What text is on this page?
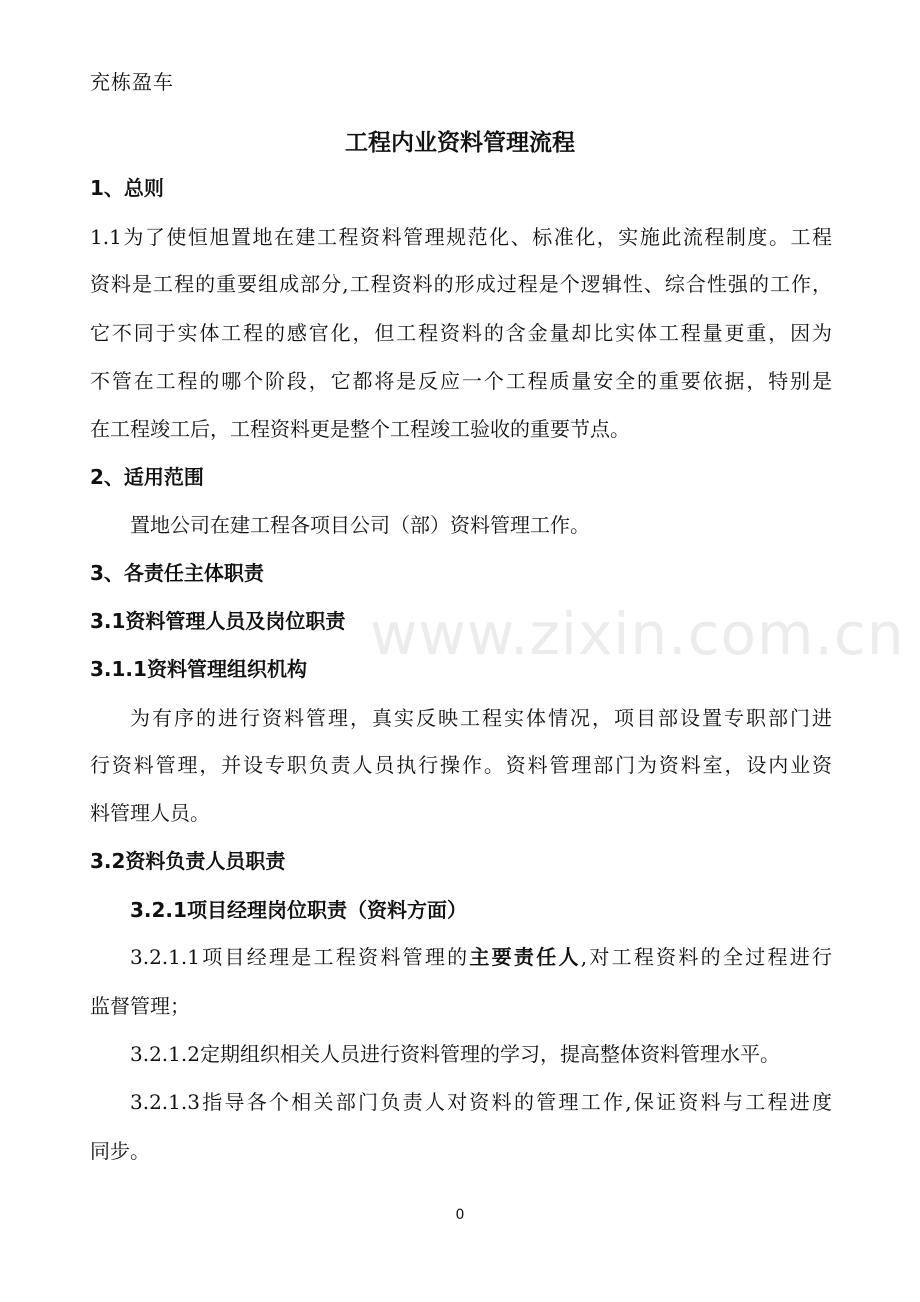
充栋盈车
工程内业资料管理流程
www.zixin.com.cn
1、总则
1.1为了使恒旭置地在建工程资料管理规范化、标准化，实施此流程制度。工程
资料是工程的重要组成部分,工程资料的形成过程是个逻辑性、综合性强的工作，
它不同于实体工程的感官化，但工程资料的含金量却比实体工程量更重，因为
不管在工程的哪个阶段，它都将是反应一个工程质量安全的重要依据，特别是
在工程竣工后，工程资料更是整个工程竣工验收的重要节点。
2、适用范围
置地公司在建工程各项目公司（部）资料管理工作。
3、各责任主体职责
3.1资料管理人员及岗位职责
3.1.1资料管理组织机构
为有序的进行资料管理，真实反映工程实体情况，项目部设置专职部门进
行资料管理，并设专职负责人员执行操作。资料管理部门为资料室，设内业资
料管理人员。
3.2资料负责人员职责
3.2.1项目经理岗位职责（资料方面）
3.2.1.1项目经理是工程资料管理的主要责任人,对工程资料的全过程进行
监督管理；
3.2.1.2定期组织相关人员进行资料管理的学习，提高整体资料管理水平。
3.2.1.3指导各个相关部门负责人对资料的管理工作,保证资料与工程进度
同步。
0
